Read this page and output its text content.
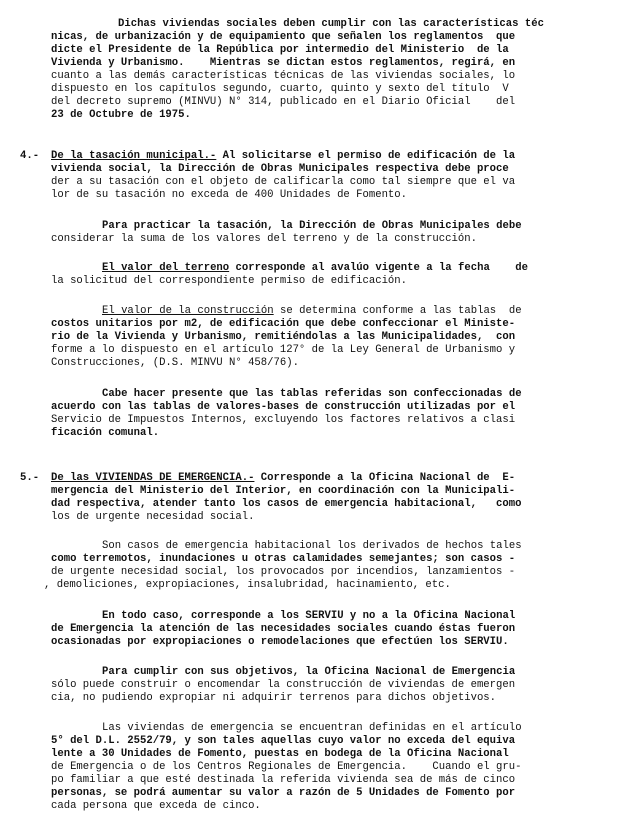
Dichas viviendas sociales deben cumplir con las características téc
nicas, de urbanización y de equipamiento que señalen los reglamentos  que
dicte el Presidente de la República por intermedio del Ministerio  de la
Vivienda y Urbanismo.    Mientras se dictan estos reglamentos, regirá, en
cuanto a las demás características técnicas de las viviendas sociales, lo
dispuesto en los capítulos segundo, cuarto, quinto y sexto del título  V
del decreto supremo (MINVU) N° 314, publicado en el Diario Oficial    del
23 de Octubre de 1975.
4.- De la tasación municipal.- Al solicitarse el permiso de edificación de la
vivienda social, la Dirección de Obras Municipales respectiva debe proce
der a su tasación con el objeto de calificarla como tal siempre que el va
lor de su tasación no exceda de 400 Unidades de Fomento.
Para practicar la tasación, la Dirección de Obras Municipales debe
considerar la suma de los valores del terreno y de la construcción.
El valor del terreno corresponde al avalúo vigente a la fecha    de
la solicitud del correspondiente permiso de edificación.
El valor de la construcción se determina conforme a las tablas  de
costos unitarios por m2, de edificación que debe confeccionar el Ministe-
rio de la Vivienda y Urbanismo, remitiéndolas a las Municipalidades,  con
forme a lo dispuesto en el artículo 127° de la Ley General de Urbanismo y
Construcciones, (D.S. MINVU N° 458/76).
Cabe hacer presente que las tablas referidas son confeccionadas de
acuerdo con las tablas de valores-bases de construcción utilizadas por el
Servicio de Impuestos Internos, excluyendo los factores relativos a clasi
ficación comunal.
5.- De las VIVIENDAS DE EMERGENCIA.- Corresponde a la Oficina Nacional de  E-
mergencia del Ministerio del Interior, en coordinación con la Municipali-
dad respectiva, atender tanto los casos de emergencia habitacional,   como
los de urgente necesidad social.
Son casos de emergencia habitacional los derivados de hechos tales
como terremotos, inundaciones u otras calamidades semejantes; son casos -
de urgente necesidad social, los provocados por incendios, lanzamientos -
, demoliciones, expropiaciones, insalubridad, hacinamiento, etc.
En todo caso, corresponde a los SERVIU y no a la Oficina Nacional
de Emergencia la atención de las necesidades sociales cuando éstas fueron
ocasionadas por expropiaciones o remodelaciones que efectúen los SERVIU.
Para cumplir con sus objetivos, la Oficina Nacional de Emergencia
sólo puede construir o encomendar la construcción de viviendas de emergen
cia, no pudiendo expropiar ni adquirir terrenos para dichos objetivos.
Las viviendas de emergencia se encuentran definidas en el artículo
5° del D.L. 2552/79, y son tales aquellas cuyo valor no exceda del equiva
lente a 30 Unidades de Fomento, puestas en bodega de la Oficina Nacional
de Emergencia o de los Centros Regionales de Emergencia.    Cuando el gru-
po familiar a que esté destinada la referida vivienda sea de más de cinco
personas, se podrá aumentar su valor a razón de 5 Unidades de Fomento por
cada persona que exceda de cinco.
